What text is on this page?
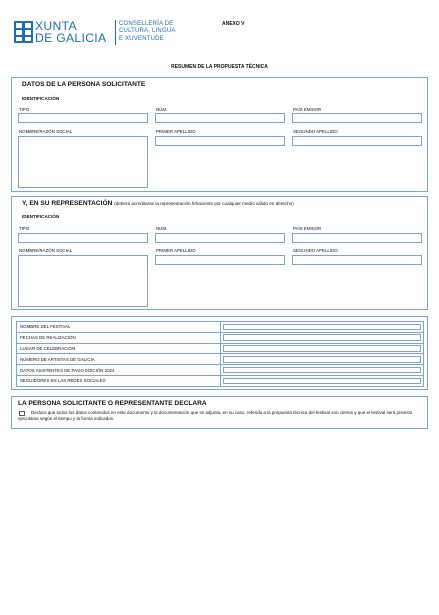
XUNTA
DE GALICIA
CONSELLERÍA DE
CULTURA, LINGUA
E XUVENTUDE
ANEXO V
RESUMEN DE LA PROPUESTA TÉCNICA
DATOS DE LA PERSONA SOLICITANTE
IDENTIFICACIÓN
TIPO	NÚM.	PAÍS EMISOR
NOMBRE/RAZÓN SOCIAL	PRIMER APELLIDO	SEGUNDO APELLIDO
Y, EN SU REPRESENTACIÓN (deberá acreditarse la representación fehaciente por cualquier medio válido en derecho)
IDENTIFICACIÓN
TIPO	NÚM.	PAÍS EMISOR
NOMBRE/RAZÓN SOCIAL	PRIMER APELLIDO	SEGUNDO APELLIDO
NOMBRE DEL FESTIVAL	

FECHAS DE REALIZACIÓN	

LUGAR DE CELEBRACIÓN	

NÚMERO DE ARTISTAS DE GALICIA	

DATOS ASISTENTES DE PAGO EDICIÓN 2024	

SEGUIDORES EN LAS REDES SOCIALES	
LA PERSONA SOLICITANTE O REPRESENTANTE DECLARA
Declaro que todos los datos contenidos en este documento y la documentación que se adjunta, en su caso, referida a la propuesta técnica del festival son ciertos y que el festival será previsto ejecutarse según el tiempo y la forma indicados.
